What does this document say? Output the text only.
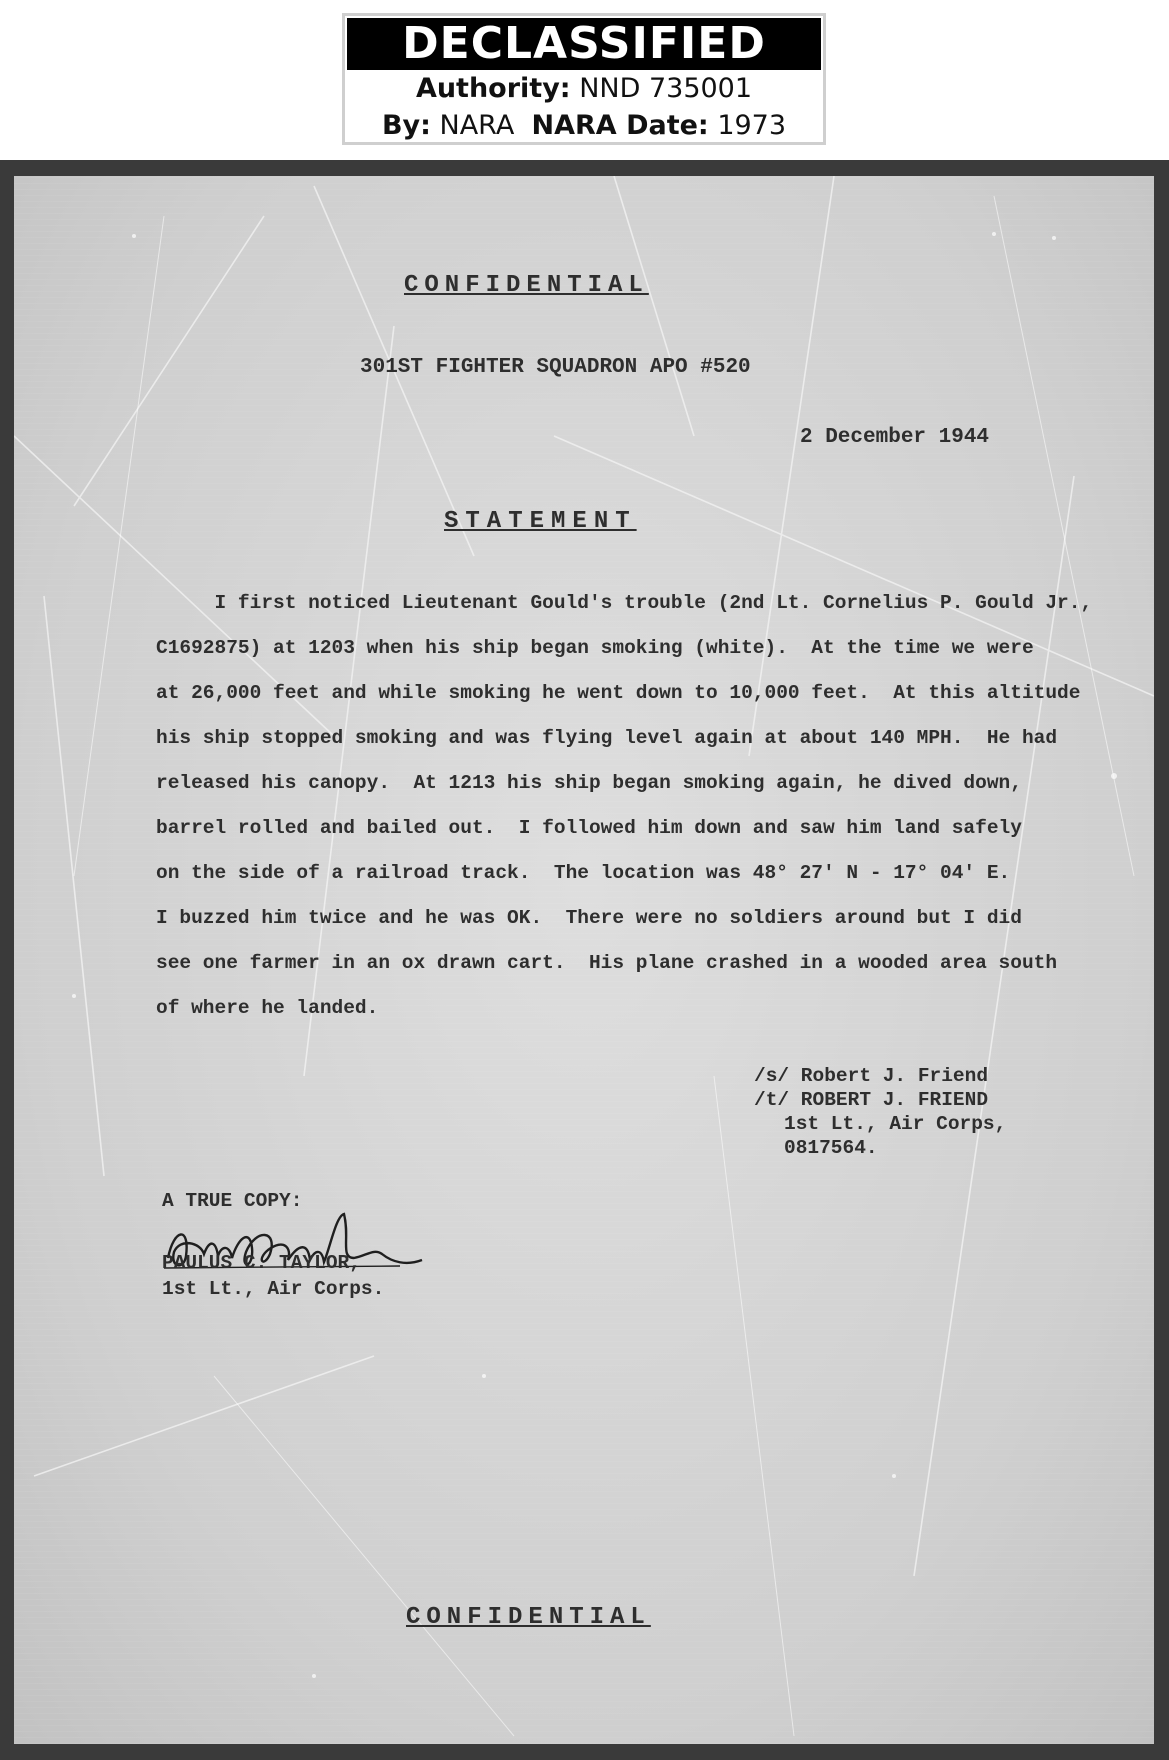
DECLASSIFIED
Authority: NND 735001
By: NARA NARA Date: 1973
CONFIDENTIAL
301ST FIGHTER SQUADRON APO #520
2 December 1944
STATEMENT
I first noticed Lieutenant Gould's trouble (2nd Lt. Cornelius P. Gould Jr.,
C1692875) at 1203 when his ship began smoking (white).  At the time we were
at 26,000 feet and while smoking he went down to 10,000 feet.  At this altitude
his ship stopped smoking and was flying level again at about 140 MPH.  He had
released his canopy.  At 1213 his ship began smoking again, he dived down,
barrel rolled and bailed out.  I followed him down and saw him land safely
on the side of a railroad track.  The location was 48° 27' N - 17° 04' E.
I buzzed him twice and he was OK.  There were no soldiers around but I did
see one farmer in an ox drawn cart.  His plane crashed in a wooded area south
of where he landed.
/s/ Robert J. Friend
/t/ ROBERT J. FRIEND
1st Lt., Air Corps,
0817564.
A TRUE COPY:
PAULUS C. TAYLOR,
1st Lt., Air Corps.
CONFIDENTIAL
